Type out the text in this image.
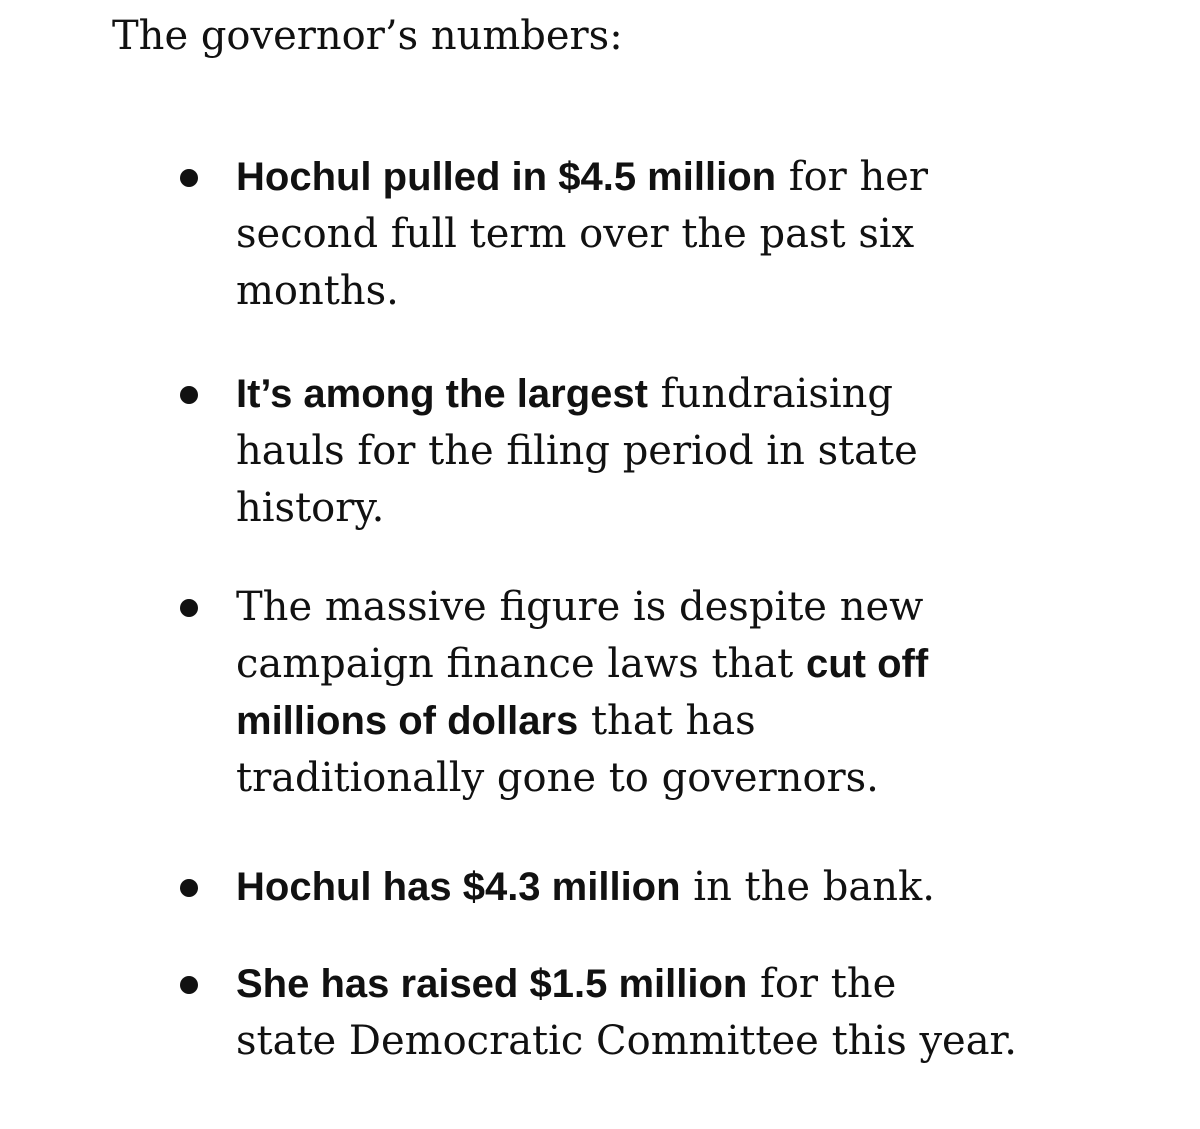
The governor’s numbers:

Hochul pulled in $4.5 million for her
second full term over the past six
months.
It’s among the largest fundraising
hauls for the filing period in state
history.
The massive figure is despite new
campaign finance laws that cut off
millions of dollars that has
traditionally gone to governors.
Hochul has $4.3 million in the bank.
She has raised $1.5 million for the
state Democratic Committee this year.
